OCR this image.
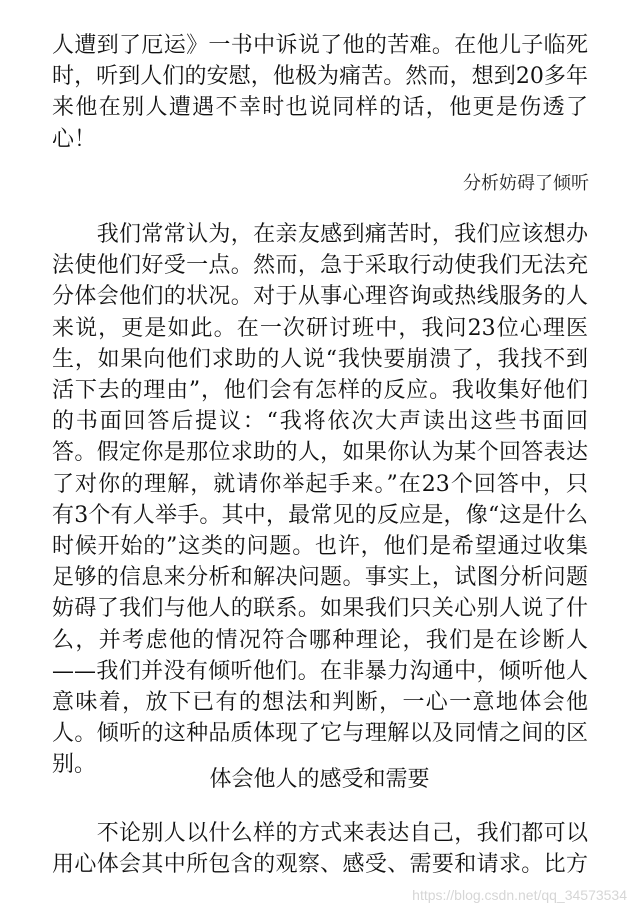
人遭到了厄运》一书中诉说了他的苦难。在他儿子临死
时，听到人们的安慰，他极为痛苦。然而，想到20多年
来他在别人遭遇不幸时也说同样的话，他更是伤透了
心！

分析妨碍了倾听

　　我们常常认为，在亲友感到痛苦时，我们应该想办
法使他们好受一点。然而，急于采取行动使我们无法充
分体会他们的状况。对于从事心理咨询或热线服务的人
来说，更是如此。在一次研讨班中，我问23位心理医
生，如果向他们求助的人说“我快要崩溃了，我找不到
活下去的理由”，他们会有怎样的反应。我收集好他们
的书面回答后提议：“我将依次大声读出这些书面回
答。假定你是那位求助的人，如果你认为某个回答表达
了对你的理解，就请你举起手来。”在23个回答中，只
有3个有人举手。其中，最常见的反应是，像“这是什么
时候开始的”这类的问题。也许，他们是希望通过收集
足够的信息来分析和解决问题。事实上，试图分析问题
妨碍了我们与他人的联系。如果我们只关心别人说了什
么，并考虑他的情况符合哪种理论，我们是在诊断人
——我们并没有倾听他们。在非暴力沟通中，倾听他人
意味着，放下已有的想法和判断，一心一意地体会他
人。倾听的这种品质体现了它与理解以及同情之间的区
别。

体会他人的感受和需要

　　不论别人以什么样的方式来表达自己，我们都可以
用心体会其中所包含的观察、感受、需要和请求。比方

https://blog.csdn.net/qq_34573534
